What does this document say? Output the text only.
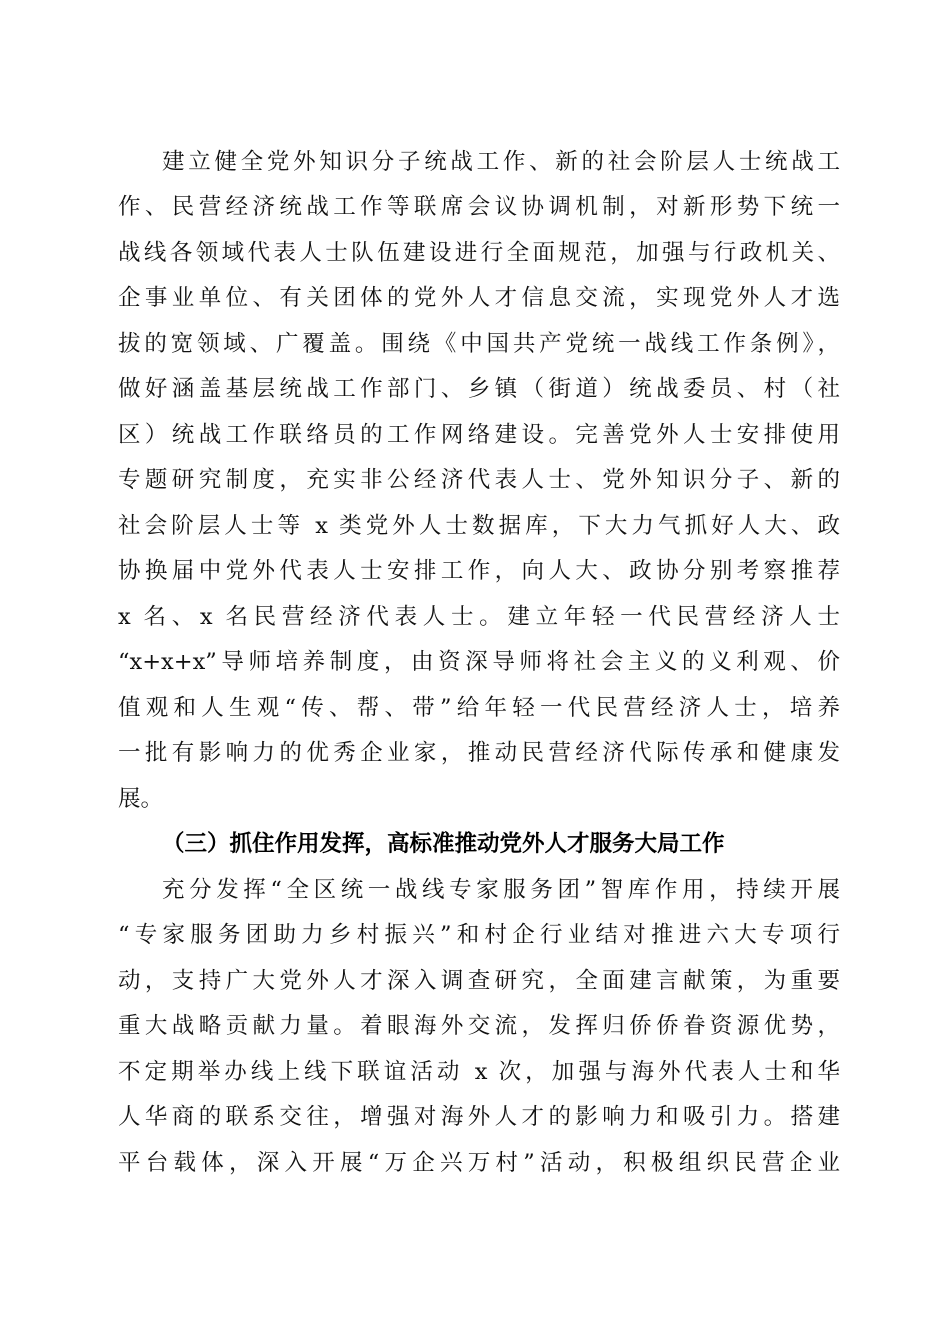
建立健全党外知识分子统战工作、新的社会阶层人士统战工
作、民营经济统战工作等联席会议协调机制，对新形势下统一
战线各领域代表人士队伍建设进行全面规范，加强与行政机关、
企事业单位、有关团体的党外人才信息交流，实现党外人才选
拔的宽领域、广覆盖。围绕《中国共产党统一战线工作条例》，
做好涵盖基层统战工作部门、乡镇（街道）统战委员、村（社
区）统战工作联络员的工作网络建设。完善党外人士安排使用
专题研究制度，充实非公经济代表人士、党外知识分子、新的
社会阶层人士等 x 类党外人士数据库，下大力气抓好人大、政
协换届中党外代表人士安排工作，向人大、政协分别考察推荐
x 名、x 名民营经济代表人士。建立年轻一代民营经济人士
“x+x+x”导师培养制度，由资深导师将社会主义的义利观、价
值观和人生观“传、帮、带”给年轻一代民营经济人士，培养
一批有影响力的优秀企业家，推动民营经济代际传承和健康发
展。
（三）抓住作用发挥，高标准推动党外人才服务大局工作
充分发挥“全区统一战线专家服务团”智库作用，持续开展
“专家服务团助力乡村振兴”和村企行业结对推进六大专项行
动，支持广大党外人才深入调查研究，全面建言献策，为重要
重大战略贡献力量。着眼海外交流，发挥归侨侨眷资源优势，
不定期举办线上线下联谊活动 x 次，加强与海外代表人士和华
人华商的联系交往，增强对海外人才的影响力和吸引力。搭建
平台载体，深入开展“万企兴万村”活动，积极组织民营企业
